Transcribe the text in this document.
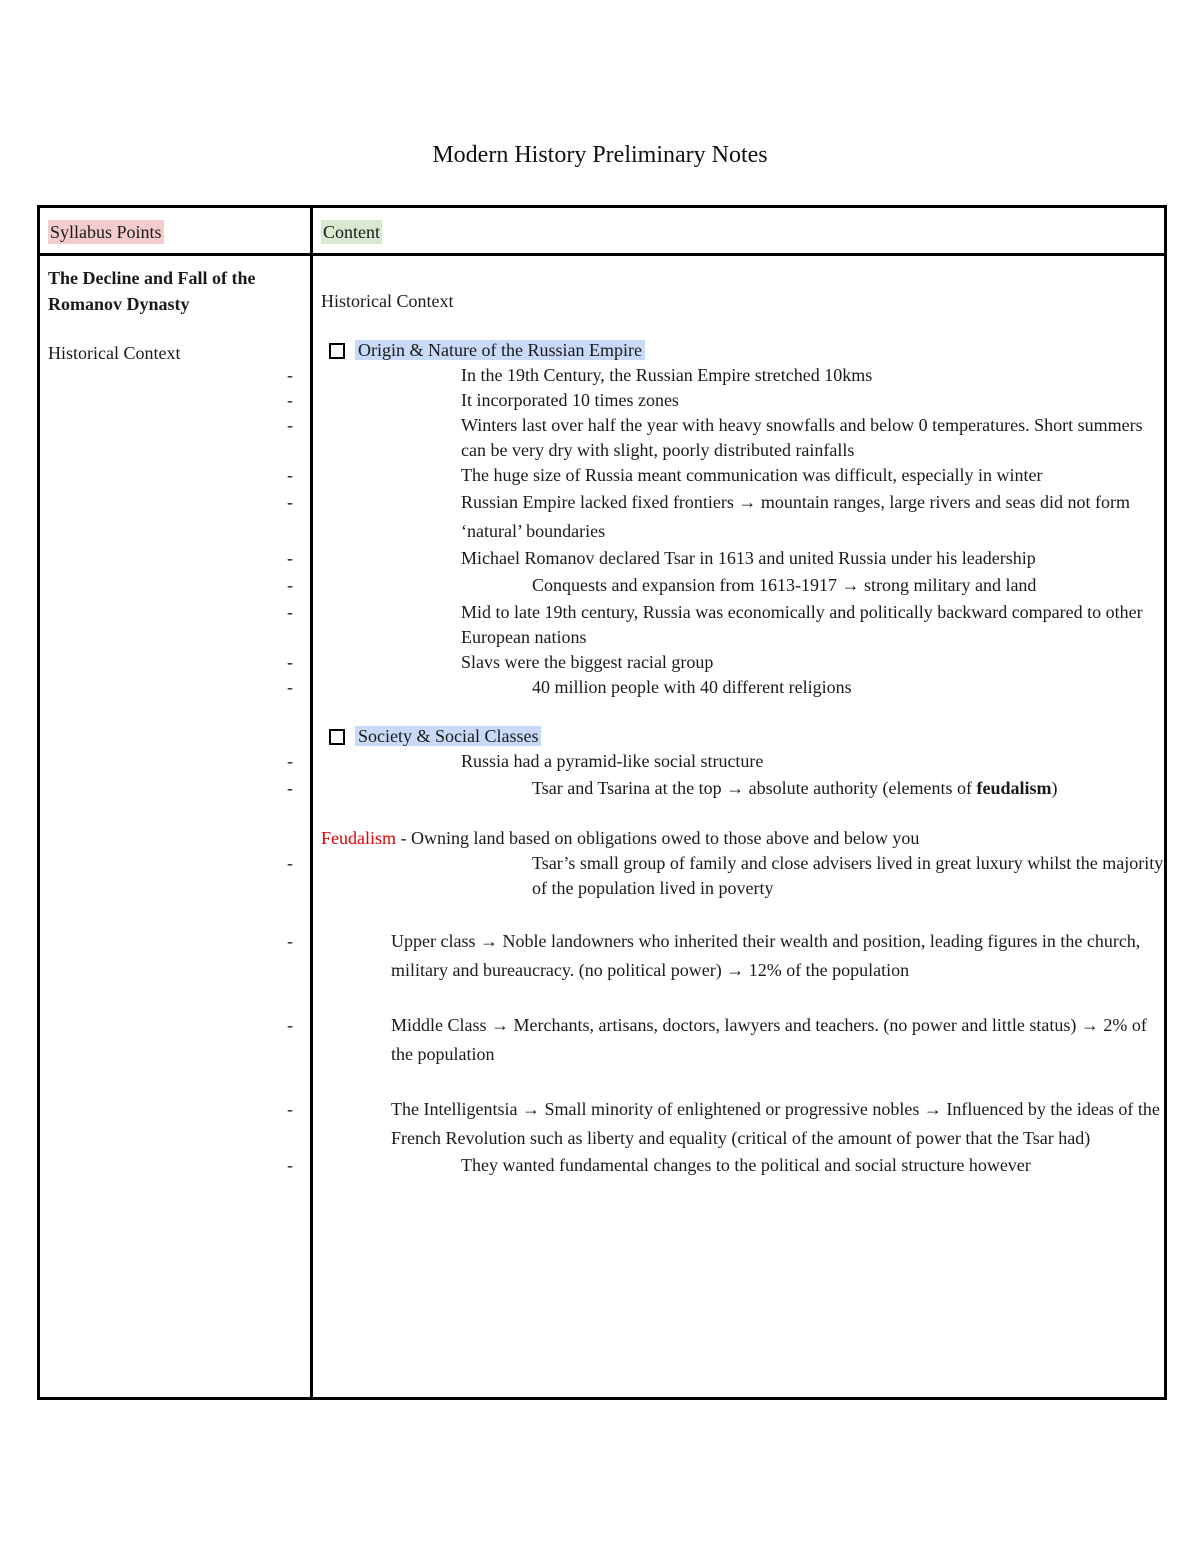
Modern History Preliminary Notes
Syllabus Points	Content
The Decline and Fall of the Romanov Dynasty
Historical Context
Historical Context
Origin & Nature of the Russian Empire
- In the 19th Century, the Russian Empire stretched 10kms
- It incorporated 10 times zones
- Winters last over half the year with heavy snowfalls and below 0 temperatures. Short summers can be very dry with slight, poorly distributed rainfalls
- The huge size of Russia meant communication was difficult, especially in winter
- Russian Empire lacked fixed frontiers → mountain ranges, large rivers and seas did not form ‘natural’ boundaries
- Michael Romanov declared Tsar in 1613 and united Russia under his leadership
- Conquests and expansion from 1613-1917 → strong military and land
- Mid to late 19th century, Russia was economically and politically backward compared to other European nations
- Slavs were the biggest racial group
- 40 million people with 40 different religions
Society & Social Classes
- Russia had a pyramid-like social structure
- Tsar and Tsarina at the top → absolute authority (elements of feudalism)
Feudalism - Owning land based on obligations owed to those above and below you
- Tsar’s small group of family and close advisers lived in great luxury whilst the majority of the population lived in poverty
- Upper class → Noble landowners who inherited their wealth and position, leading figures in the church, military and bureaucracy. (no political power) → 12% of the population
- Middle Class → Merchants, artisans, doctors, lawyers and teachers. (no power and little status) → 2% of the population
- The Intelligentsia → Small minority of enlightened or progressive nobles → Influenced by the ideas of the French Revolution such as liberty and equality (critical of the amount of power that the Tsar had)
- They wanted fundamental changes to the political and social structure however
